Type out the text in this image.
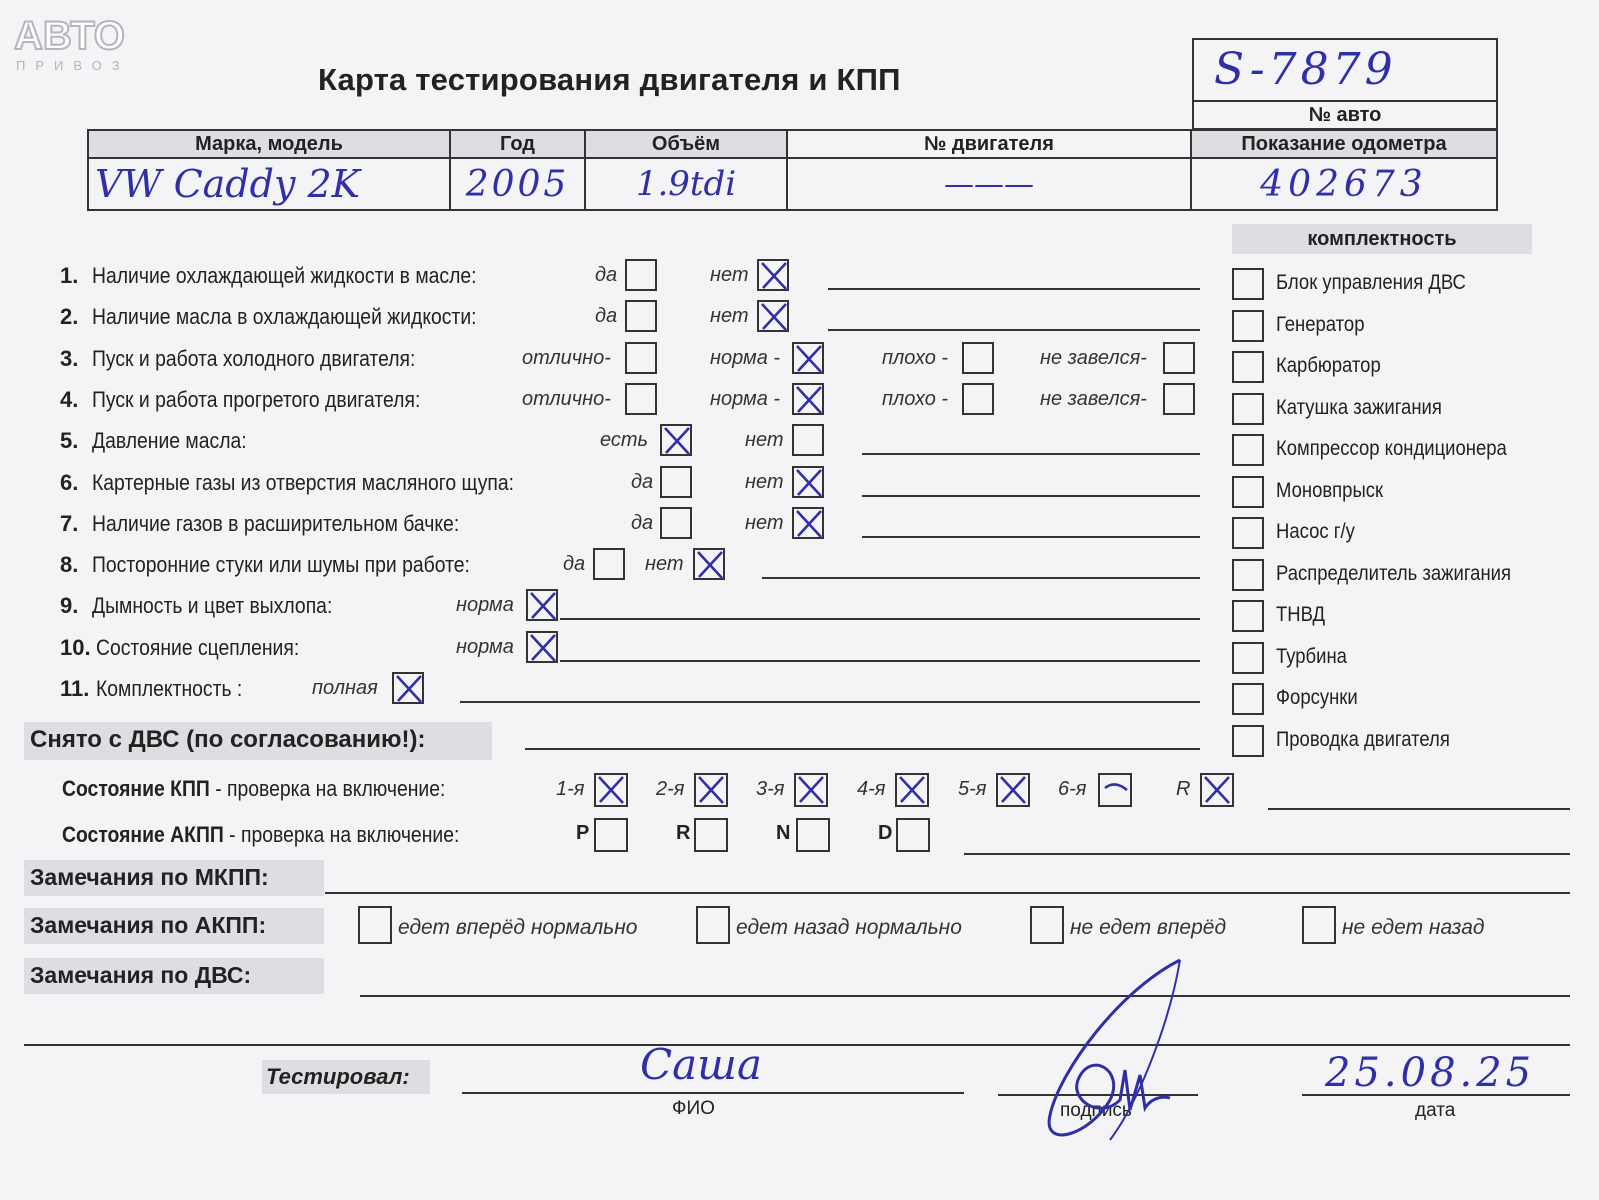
АВТО
ПРИВОЗ	Карта тестирования двигателя и КПП	S-7879
№ авто
Марка, модель	Год	Объём	№ двигателя	Показание одометра
VW Caddy 2K	2005	1.9tdi	———	402673
комплектность
1. Наличие охлаждающей жидкости в масле:	да	нет
2. Наличие масла в охлаждающей жидкости:	да	нет
3. Пуск и работа холодного двигателя:	отлично-	норма -	плохо -	не завелся-
4. Пуск и работа прогретого двигателя:	отлично-	норма -	плохо -	не завелся-
5. Давление масла:	есть	нет
6. Картерные газы из отверстия масляного щупа:	да	нет
7. Наличие газов в расширительном бачке:	да	нет
8. Посторонние стуки или шумы при работе:	да	нет
9. Дымность и цвет выхлопа:	норма
10. Состояние сцепления:	норма
11. Комплектность :	полная
Блок управления ДВС
Генератор
Карбюратор
Катушка зажигания
Компрессор кондиционера
Моновпрыск
Насос г/у
Распределитель зажигания
ТНВД
Турбина
Форсунки
Проводка двигателя
Снято с ДВС (по согласованию!):
Состояние КПП - проверка на включение:	1-я	2-я	3-я	4-я	5-я	6-я	R
Состояние АКПП - проверка на включение:	P	R	N	D
Замечания по МКПП:
Замечания по АКПП:	едет вперёд нормально	едет назад нормально	не едет вперёд	не едет назад
Замечания по ДВС:
Тестировал:	Саша
ФИО	подпись
25.08.25
дата
